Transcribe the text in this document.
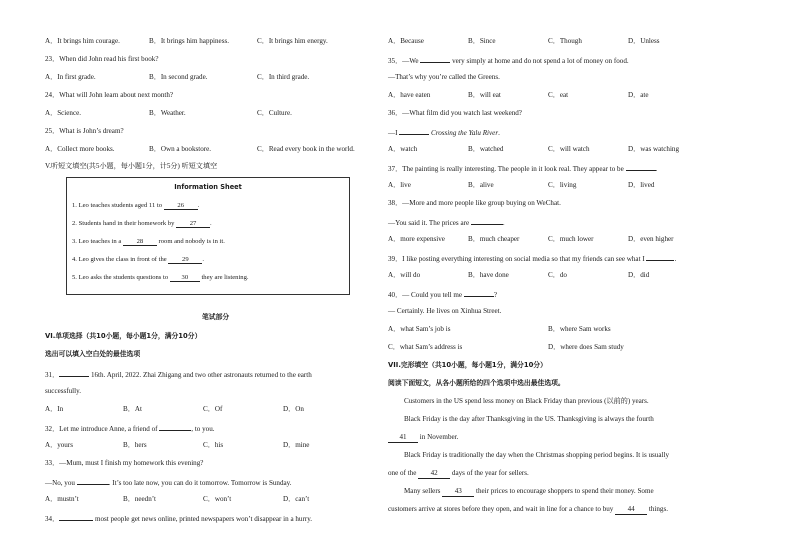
A．It brings him courage.	B．It brings him happiness.	C．It brings him energy.
23．When did John read his first book?
A．In first grade.	B．In second grade.	C．In third grade.
24．What will John learn about next month?
A．Science.	B．Weather.	C．Culture.
25．What is John’s dream?
A．Collect more books.	B．Own a bookstore.	C．Read every book in the world.
V.听短文填空(共5小题，每小题1分，计5分) 听短文填空
Information Sheet
1. Leo teaches students aged 11 to 26 .
2. Students hand in their homework by 27 .
3. Leo teaches in a 28 room and nobody is in it.
4. Leo gives the class in front of the 29 .
5. Leo asks the students questions to 30 they are listening.
笔试部分
VI.单项选择（共10小题，每小题1分，满分10分）
选出可以填入空白处的最佳选项
31．	16th. April, 2022. Zhai Zhigang and two other astronauts returned to the earth
successfully.
A．In	B．At	C．Of	D．On
32．Let me introduce Anne, a friend of	, to you.
A．yours	B．hers	C．his	D．mine
33．—Mum, must I finish my homework this evening?
—No, you	. It’s too late now, you can do it tomorrow. Tomorrow is Sunday.
A．mustn’t	B．needn’t	C．won’t	D．can’t
34．	most people get news online, printed newspapers won’t disappear in a hurry.
A．Because	B．Since	C．Though	D．Unless
35．—We	very simply at home and do not spend a lot of money on food.
—That’s why you’re called the Greens.
A．have eaten	B．will eat	C．eat	D．ate
36．—What film did you watch last weekend?
—I	Crossing the Yalu River.
A．watch	B．watched	C．will watch	D．was watching
37．The painting is really interesting. The people in it look real. They appear to be	.
A．live	B．alive	C．living	D．lived
38．—More and more people like group buying on WeChat.
—You said it. The prices are	.
A．more expensive	B．much cheaper	C．much lower	D．even higher
39．I like posting everything interesting on social media so that my friends can see what I	.
A．will do	B．have done	C．do	D．did
40．— Could you tell me	?
— Certainly. He lives on Xinhua Street.
A．what Sam’s job is	B．where Sam works
C．what Sam’s address is	D．where does Sam study
VII.完形填空（共10小题，每小题1分，满分10分）
阅读下面短文，从各小题所给的四个选项中选出最佳选项。
Customers in the US spend less money on Black Friday than previous (以前的) years.
Black Friday is the day after Thanksgiving in the US. Thanksgiving is always the fourth
41 in November.
Black Friday is traditionally the day when the Christmas shopping period begins. It is usually
one of the 42 days of the year for sellers.
Many sellers 43 their prices to encourage shoppers to spend their money. Some
customers arrive at stores before they open, and wait in line for a chance to buy 44 things.
